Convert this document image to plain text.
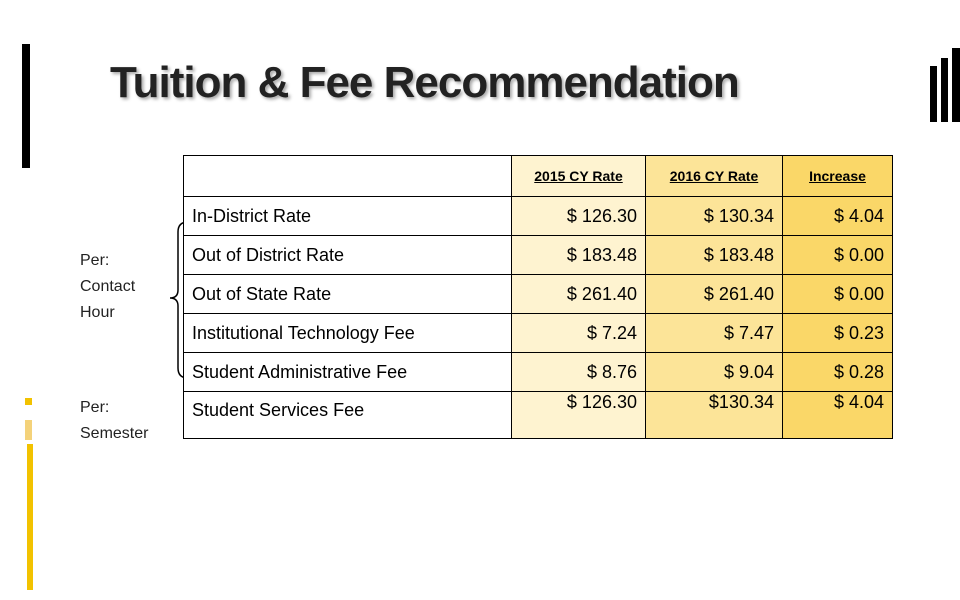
Tuition & Fee Recommendation
Per:
Contact
Hour
Per:
Semester
	2015 CY Rate	2016 CY Rate	Increase
In-District Rate	$ 126.30	$ 130.34	$ 4.04
Out of District Rate	$ 183.48	$ 183.48	$ 0.00
Out of State Rate	$ 261.40	$ 261.40	$ 0.00
Institutional Technology Fee	$ 7.24	$ 7.47	$ 0.23
Student Administrative Fee	$ 8.76	$ 9.04	$ 0.28
Student Services Fee	$ 126.30	$130.34	$ 4.04
